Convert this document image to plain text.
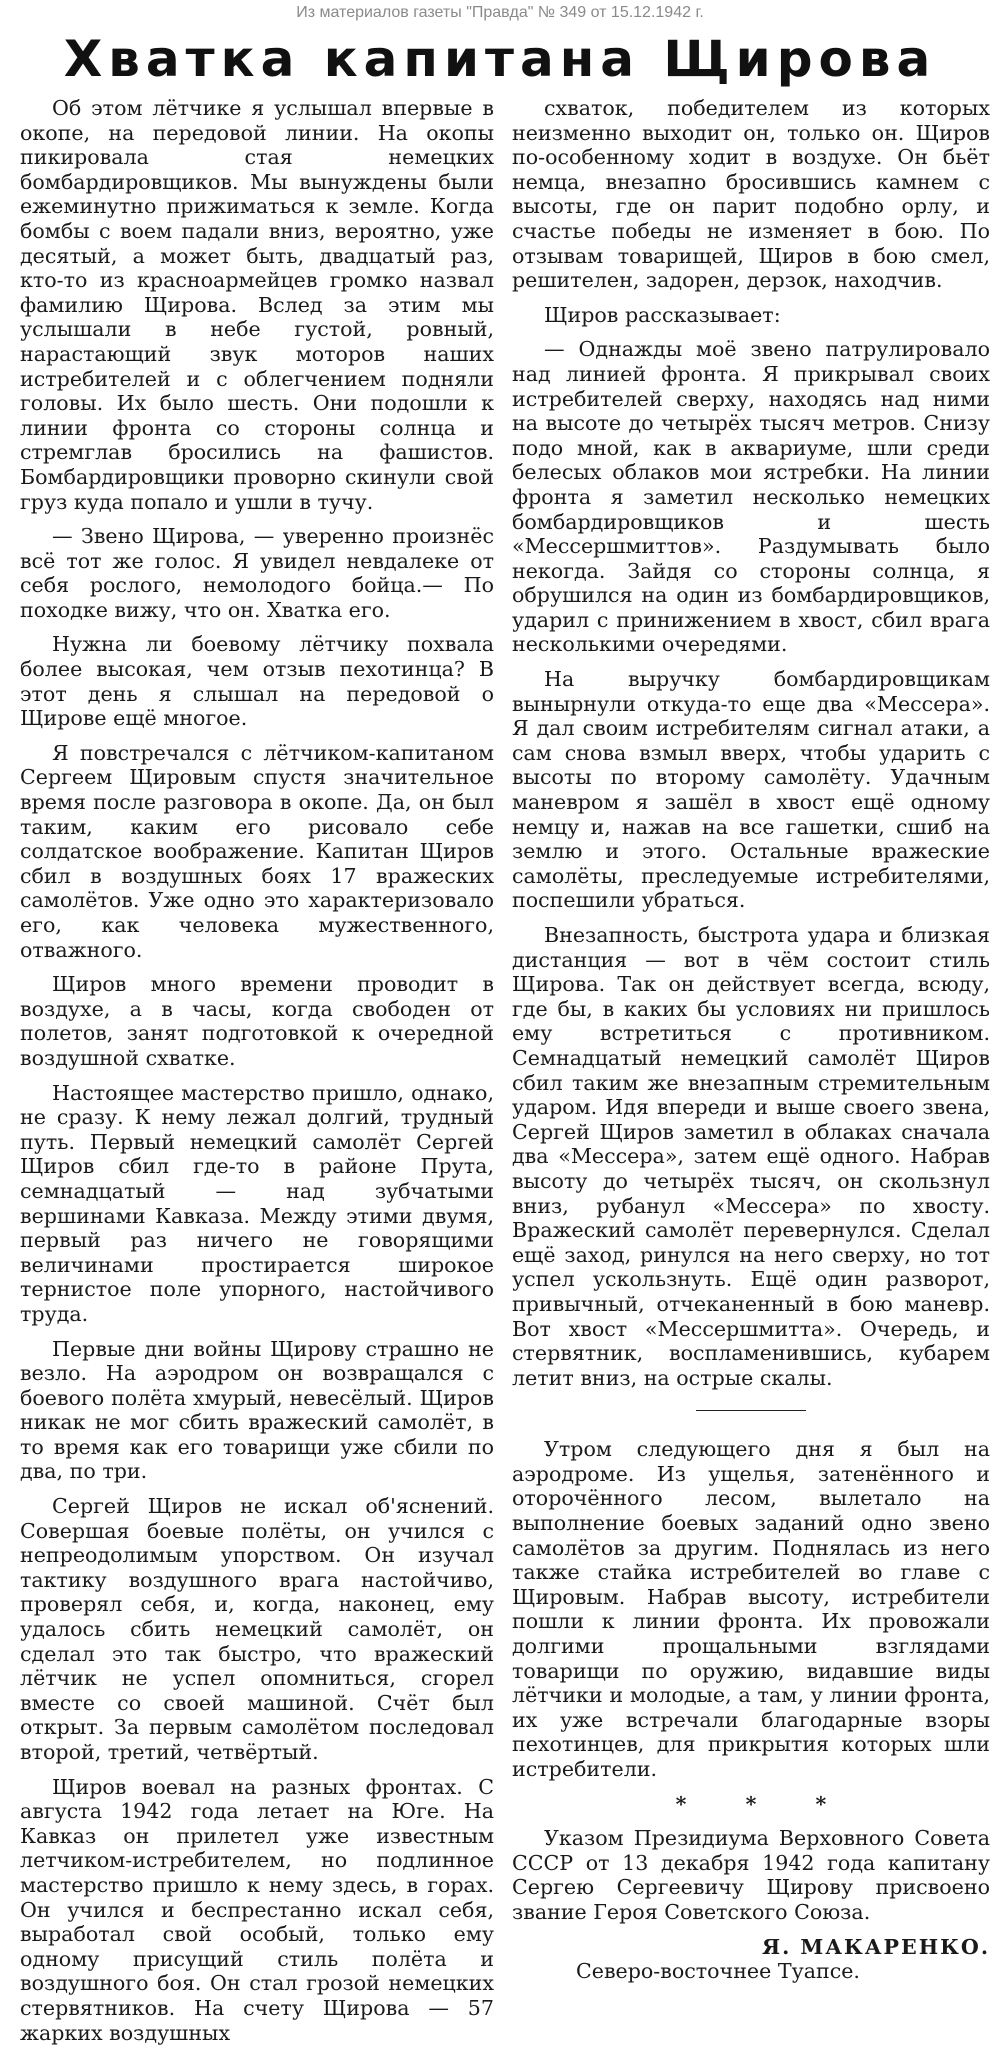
Из материалов газеты "Правда" № 349 от 15.12.1942 г.
Хватка капитана Щирова

Об этом лётчике я услышал впервые в окопе, на передовой линии. На окопы пикировала стая немецких бомбардировщиков. Мы вынуждены были ежеминутно прижиматься к земле. Когда бомбы с воем падали вниз, вероятно, уже десятый, а может быть, двадцатый раз, кто-то из красноармейцев громко назвал фамилию Щирова. Вслед за этим мы услышали в небе густой, ровный, нарастающий звук моторов наших истребителей и с облегчением подняли головы. Их было шесть. Они подошли к линии фронта со стороны солнца и стремглав бросились на фашистов. Бомбардировщики проворно скинули свой груз куда попало и ушли в тучу.

— Звено Щирова, — уверенно произнёс всё тот же голос. Я увидел невдалеке от себя рослого, немолодого бойца.— По походке вижу, что он. Хватка его.

Нужна ли боевому лётчику похвала более высокая, чем отзыв пехотинца? В этот день я слышал на передовой о Щирове ещё многое.

Я повстречался с лётчиком-капитаном Сергеем Щировым спустя значительное время после разговора в окопе. Да, он был таким, каким его рисовало себе солдатское воображение. Капитан Щиров сбил в воздушных боях 17 вражеских самолётов. Уже одно это характеризовало его, как человека мужественного, отважного.

Щиров много времени проводит в воздухе, а в часы, когда свободен от полетов, занят подготовкой к очередной воздушной схватке.

Настоящее мастерство пришло, однако, не сразу. К нему лежал долгий, трудный путь. Первый немецкий самолёт Сергей Щиров сбил где-то в районе Прута, семнадцатый — над зубчатыми вершинами Кавказа. Между этими двумя, первый раз ничего не говорящими величинами простирается широкое тернистое поле упорного, настойчивого труда.

Первые дни войны Щирову страшно не везло. На аэродром он возвращался с боевого полёта хмурый, невесёлый. Щиров никак не мог сбить вражеский самолёт, в то время как его товарищи уже сбили по два, по три.

Сергей Щиров не искал об'яснений. Совершая боевые полёты, он учился с непреодолимым упорством. Он изучал тактику воздушного врага настойчиво, проверял себя, и, когда, наконец, ему удалось сбить немецкий самолёт, он сделал это так быстро, что вражеский лётчик не успел опомниться, сгорел вместе со своей машиной. Счёт был открыт. За первым самолётом последовал второй, третий, четвёртый.

Щиров воевал на разных фронтах. С августа 1942 года летает на Юге. На Кавказ он прилетел уже известным летчиком-истребителем, но подлинное мастерство пришло к нему здесь, в горах. Он учился и беспрестанно искал себя, выработал свой особый, только ему одному присущий стиль полёта и воздушного боя. Он стал грозой немецких стервятников. На счету Щирова — 57 жарких воздушных

схваток, победителем из которых неизменно выходит он, только он. Щиров по-особенному ходит в воздухе. Он бьёт немца, внезапно бросившись камнем с высоты, где он парит подобно орлу, и счастье победы не изменяет в бою. По отзывам товарищей, Щиров в бою смел, решителен, задорен, дерзок, находчив.

Щиров рассказывает:

— Однажды моё звено патрулировало над линией фронта. Я прикрывал своих истребителей сверху, находясь над ними на высоте до четырёх тысяч метров. Снизу подо мной, как в аквариуме, шли среди белесых облаков мои ястребки. На линии фронта я заметил несколько немецких бомбардировщиков и шесть «Мессершмиттов». Раздумывать было некогда. Зайдя со стороны солнца, я обрушился на один из бомбардировщиков, ударил с принижением в хвост, сбил врага несколькими очередями.

На выручку бомбардировщикам вынырнули откуда-то еще два «Мессера». Я дал своим истребителям сигнал атаки, а сам снова взмыл вверх, чтобы ударить с высоты по второму самолёту. Удачным маневром я зашёл в хвост ещё одному немцу и, нажав на все гашетки, сшиб на землю и этого. Остальные вражеские самолёты, преследуемые истребителями, поспешили убраться.

Внезапность, быстрота удара и близкая дистанция — вот в чём состоит стиль Щирова. Так он действует всегда, всюду, где бы, в каких бы условиях ни пришлось ему встретиться с противником. Семнадцатый немецкий самолёт Щиров сбил таким же внезапным стремительным ударом. Идя впереди и выше своего звена, Сергей Щиров заметил в облаках сначала два «Мессера», затем ещё одного. Набрав высоту до четырёх тысяч, он скользнул вниз, рубанул «Мессера» по хвосту. Вражеский самолёт перевернулся. Сделал ещё заход, ринулся на него сверху, но тот успел ускользнуть. Ещё один разворот, привычный, отчеканенный в бою маневр. Вот хвост «Мессершмитта». Очередь, и стервятник, воспламенившись, кубарем летит вниз, на острые скалы.

Утром следующего дня я был на аэродроме. Из ущелья, затенённого и оторочённого лесом, вылетало на выполнение боевых заданий одно звено самолётов за другим. Поднялась из него также стайка истребителей во главе с Щировым. Набрав высоту, истребители пошли к линии фронта. Их провожали долгими прощальными взглядами товарищи по оружию, видавшие виды лётчики и молодые, а там, у линии фронта, их уже встречали благодарные взоры пехотинцев, для прикрытия которых шли истребители.

* * *

Указом Президиума Верховного Совета СССР от 13 декабря 1942 года капитану Сергею Сергеевичу Щирову присвоено звание Героя Советского Союза.

Я. МАКАРЕНКО.

Северо-восточнее Туапсе.
